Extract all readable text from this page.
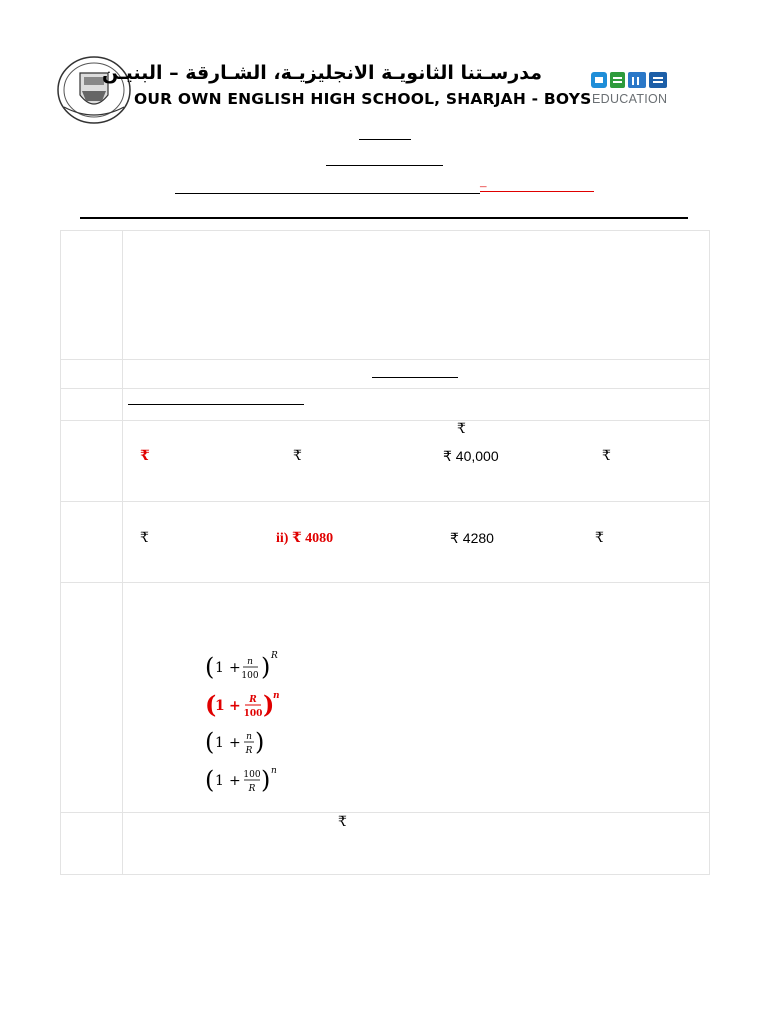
مدرسـتنا الثانويـة الانجليزيـة، الشـارقة – البنيـن
OUR OWN ENGLISH HIGH SCHOOL, SHARJAH - BOYS EDUCATION
–
₹
₹	₹	₹ 40,000	₹
₹	ii) ₹ 4080	₹ 4280	₹
( 1 + n
100 ) R
(
1 + R
100 )
n
( 1 + n
R )
( 1 + 100
R ) n
₹
